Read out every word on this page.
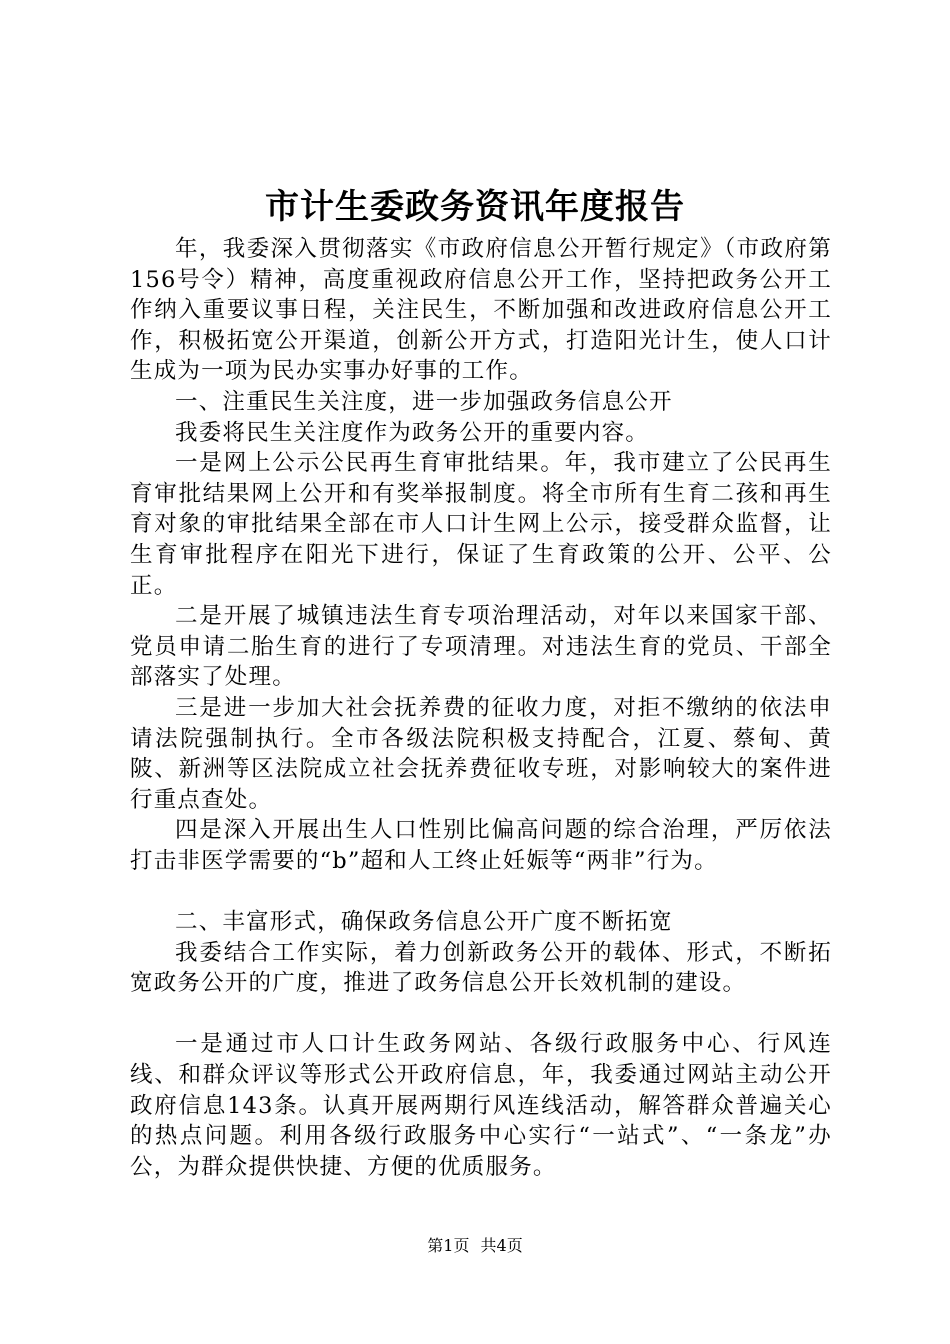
市计生委政务资讯年度报告

年，我委深入贯彻落实《市政府信息公开暂行规定》（市政府第156号令）精神，高度重视政府信息公开工作，坚持把政务公开工作纳入重要议事日程，关注民生，不断加强和改进政府信息公开工作，积极拓宽公开渠道，创新公开方式，打造阳光计生，使人口计生成为一项为民办实事办好事的工作。

一、注重民生关注度，进一步加强政务信息公开

我委将民生关注度作为政务公开的重要内容。

一是网上公示公民再生育审批结果。年，我市建立了公民再生育审批结果网上公开和有奖举报制度。将全市所有生育二孩和再生育对象的审批结果全部在市人口计生网上公示，接受群众监督，让生育审批程序在阳光下进行，保证了生育政策的公开、公平、公正。

二是开展了城镇违法生育专项治理活动，对年以来国家干部、党员申请二胎生育的进行了专项清理。对违法生育的党员、干部全部落实了处理。

三是进一步加大社会抚养费的征收力度，对拒不缴纳的依法申请法院强制执行。全市各级法院积极支持配合，江夏、蔡甸、黄陂、新洲等区法院成立社会抚养费征收专班，对影响较大的案件进行重点查处。

四是深入开展出生人口性别比偏高问题的综合治理，严厉依法打击非医学需要的“b”超和人工终止妊娠等“两非”行为。

二、丰富形式，确保政务信息公开广度不断拓宽

我委结合工作实际，着力创新政务公开的载体、形式，不断拓宽政务公开的广度，推进了政务信息公开长效机制的建设。

一是通过市人口计生政务网站、各级行政服务中心、行风连线、和群众评议等形式公开政府信息，年，我委通过网站主动公开政府信息143条。认真开展两期行风连线活动，解答群众普遍关心的热点问题。利用各级行政服务中心实行“一站式”、“一条龙”办公，为群众提供快捷、方便的优质服务。

第1页 共4页
